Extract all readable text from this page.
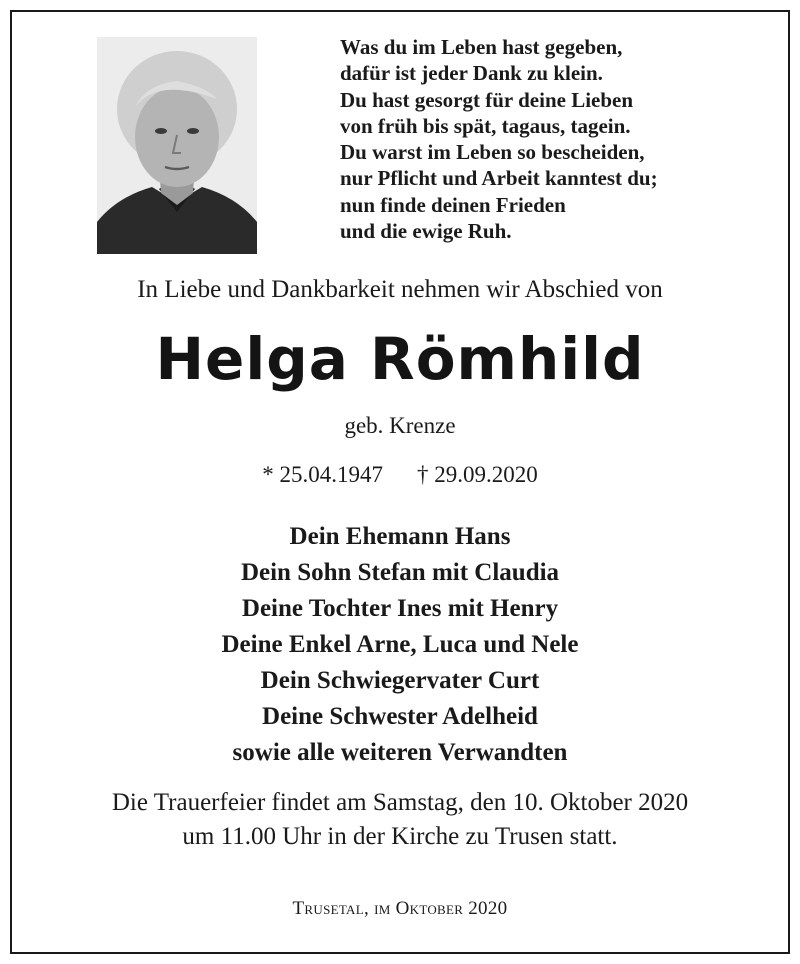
Was du im Leben hast gegeben,
dafür ist jeder Dank zu klein.
Du hast gesorgt für deine Lieben
von früh bis spät, tagaus, tagein.
Du warst im Leben so bescheiden,
nur Pflicht und Arbeit kanntest du;
nun finde deinen Frieden
und die ewige Ruh.
In Liebe und Dankbarkeit nehmen wir Abschied von
Helga Römhild
geb. Krenze
* 25.04.1947 † 29.09.2020
Dein Ehemann Hans
Dein Sohn Stefan mit Claudia
Deine Tochter Ines mit Henry
Deine Enkel Arne, Luca und Nele
Dein Schwiegervater Curt
Deine Schwester Adelheid
sowie alle weiteren Verwandten
Die Trauerfeier findet am Samstag, den 10. Oktober 2020
um 11.00 Uhr in der Kirche zu Trusen statt.
Trusetal, im Oktober 2020
